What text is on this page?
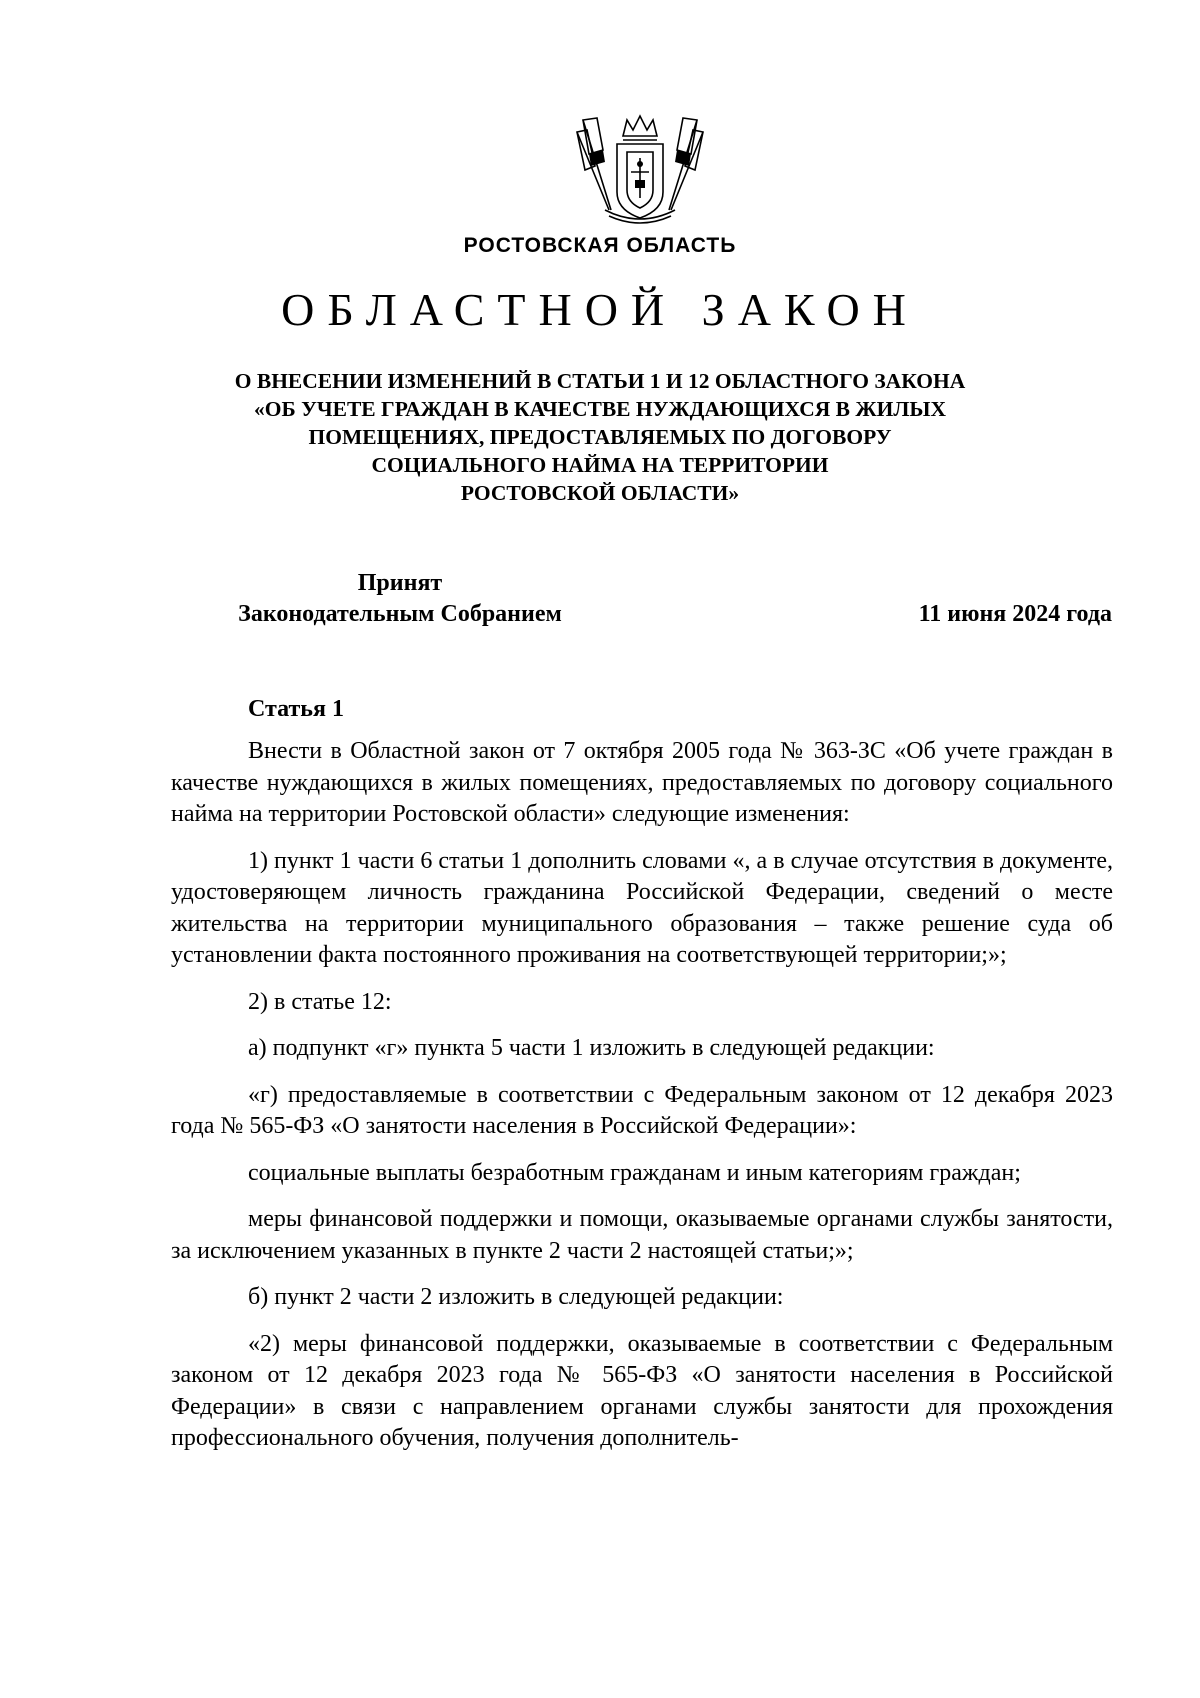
РОСТОВСКАЯ ОБЛАСТЬ
ОБЛАСТНОЙ ЗАКОН
О ВНЕСЕНИИ ИЗМЕНЕНИЙ В СТАТЬИ 1 И 12 ОБЛАСТНОГО ЗАКОНА
«ОБ УЧЕТЕ ГРАЖДАН В КАЧЕСТВЕ НУЖДАЮЩИХСЯ В ЖИЛЫХ
ПОМЕЩЕНИЯХ, ПРЕДОСТАВЛЯЕМЫХ ПО ДОГОВОРУ
СОЦИАЛЬНОГО НАЙМА НА ТЕРРИТОРИИ
РОСТОВСКОЙ ОБЛАСТИ»
Принят
Законодательным Собранием	11 июня 2024 года
Статья 1

Внести в Областной закон от 7 октября 2005 года № 363-ЗС «Об учете граждан в качестве нуждающихся в жилых помещениях, предоставляемых по договору социального найма на территории Ростовской области» следующие изменения:

1) пункт 1 части 6 статьи 1 дополнить словами «, а в случае отсутствия в документе, удостоверяющем личность гражданина Российской Федерации, сведений о месте жительства на территории муниципального образования – также решение суда об установлении факта постоянного проживания на соответствующей территории;»;

2) в статье 12:

а) подпункт «г» пункта 5 части 1 изложить в следующей редакции:

«г) предоставляемые в соответствии с Федеральным законом от 12 декабря 2023 года № 565-ФЗ «О занятости населения в Российской Федерации»:

социальные выплаты безработным гражданам и иным категориям граждан;

меры финансовой поддержки и помощи, оказываемые органами службы занятости, за исключением указанных в пункте 2 части 2 настоящей статьи;»;

б) пункт 2 части 2 изложить в следующей редакции:

«2) меры финансовой поддержки, оказываемые в соответствии с Федеральным законом от 12 декабря 2023 года № 565-ФЗ «О занятости населения в Российской Федерации» в связи с направлением органами службы занятости для прохождения профессионального обучения, получения дополнитель-
